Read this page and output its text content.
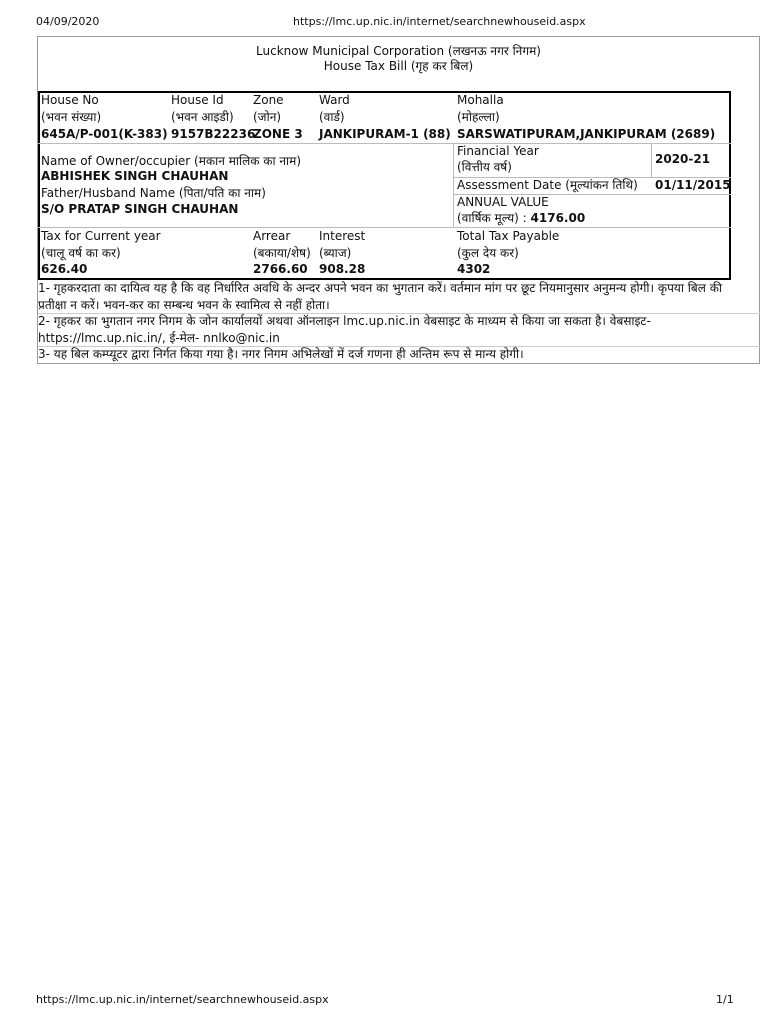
04/09/2020	https://lmc.up.nic.in/internet/searchnewhouseid.aspx
Lucknow Municipal Corporation (लखनऊ नगर निगम)
House Tax Bill (गृह कर बिल)
House No
(भवन संख्या)
645A/P-001(K-383)
House Id
(भवन आइडी)
9157B22236
Zone
(जोन)
ZONE 3
Ward
(वार्ड)
JANKIPURAM-1 (88)
Mohalla
(मोहल्ला)
SARSWATIPURAM,JANKIPURAM (2689)
Name of Owner/occupier (मकान मालिक का नाम)
ABHISHEK SINGH CHAUHAN
Father/Husband Name (पिता/पति का नाम)
S/O PRATAP SINGH CHAUHAN
Financial Year
(वित्तीय वर्ष)
2020-21
Assessment Date (मूल्यांकन तिथि) 01/11/2015
ANNUAL VALUE
(वार्षिक मूल्य) : 4176.00
Tax for Current year
(चालू वर्ष का कर)
626.40
Arrear
(बकाया/शेष)
2766.60
Interest
(ब्याज)
908.28
Total Tax Payable
(कुल देय कर)
4302
1- गृहकरदाता का दायित्व यह है कि वह निर्धारित अवधि के अन्दर अपने भवन का भुगतान करें। वर्तमान मांग पर छूट नियमानुसार अनुमन्य होगी। कृपया बिल की प्रतीक्षा न करें। भवन-कर का सम्बन्ध भवन के स्वामित्व से नहीं होता।
2- गृहकर का भुगतान नगर निगम के जोन कार्यालयों अथवा ऑनलाइन lmc.up.nic.in वेबसाइट के माध्यम से किया जा सकता है। वेबसाइट- https://lmc.up.nic.in/, ई-मेल- nnlko@nic.in
3- यह बिल कम्प्यूटर द्वारा निर्गत किया गया है। नगर निगम अभिलेखों में दर्ज गणना ही अन्तिम रूप से मान्य होगी।
https://lmc.up.nic.in/internet/searchnewhouseid.aspx	1/1
